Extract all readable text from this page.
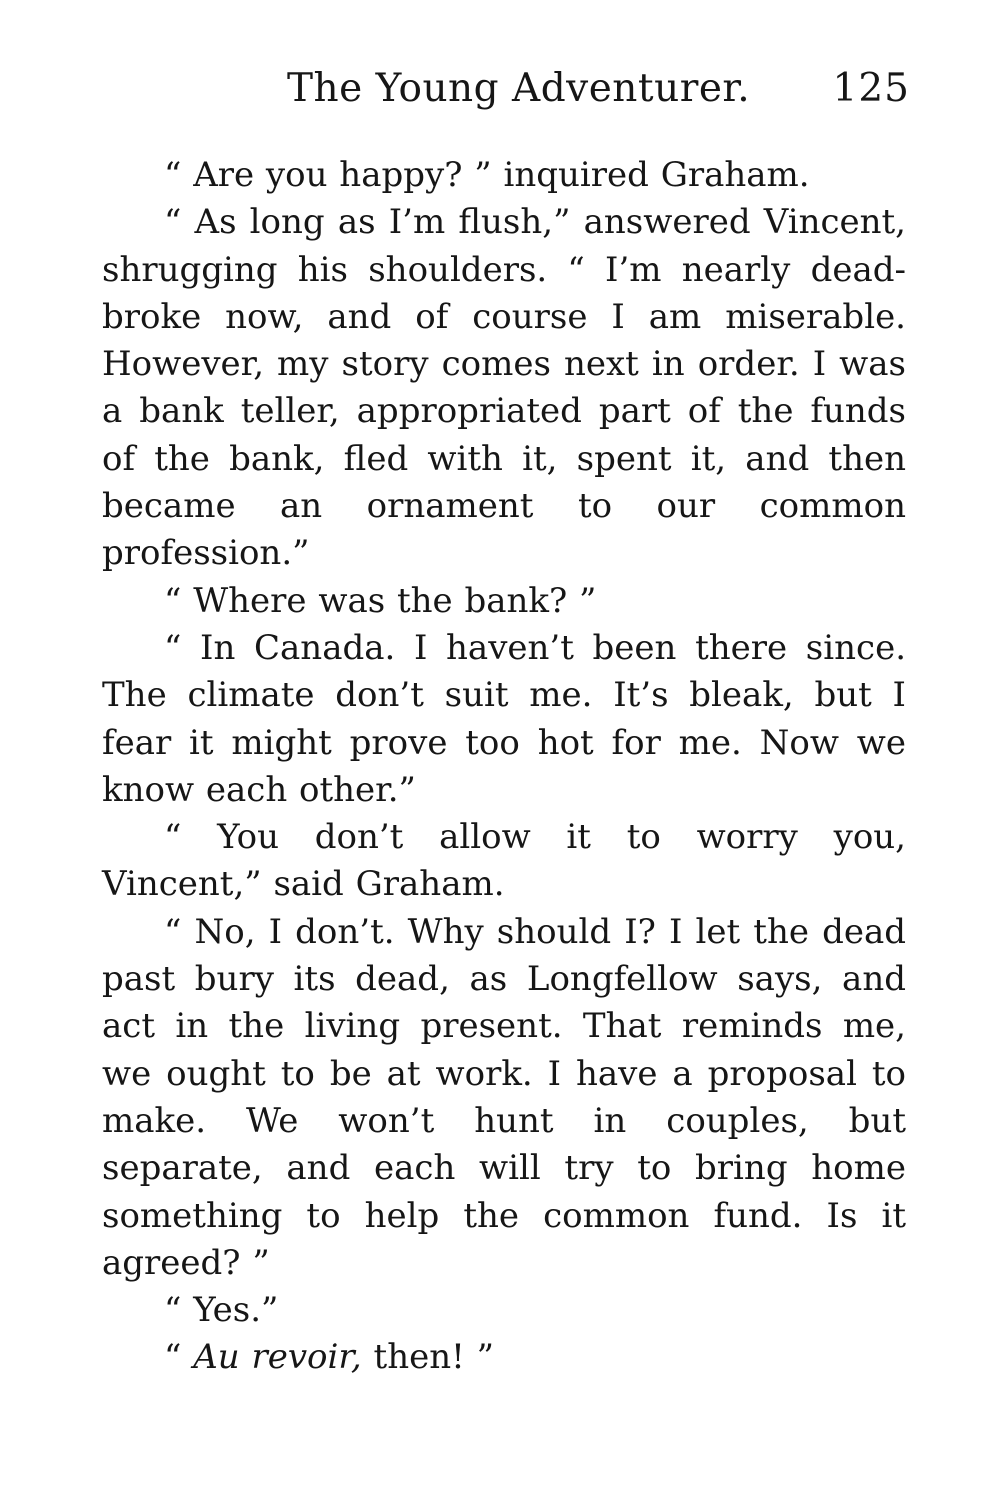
The Young Adventurer. 125

“ Are you happy? ” inquired Graham.

“ As long as I’m flush,” answered Vincent, shrugging his shoulders. “ I’m nearly dead-broke now, and of course I am miserable. However, my story comes next in order. I was a bank teller, appropriated part of the funds of the bank, fled with it, spent it, and then became an ornament to our common profession.”

“ Where was the bank? ”

“ In Canada. I haven’t been there since. The climate don’t suit me. It’s bleak, but I fear it might prove too hot for me. Now we know each other.”

“ You don’t allow it to worry you, Vincent,” said Graham.

“ No, I don’t. Why should I? I let the dead past bury its dead, as Longfellow says, and act in the living present. That reminds me, we ought to be at work. I have a proposal to make. We won’t hunt in couples, but separate, and each will try to bring home something to help the common fund. Is it agreed? ”

“ Yes.”

“ Au revoir, then! ”
